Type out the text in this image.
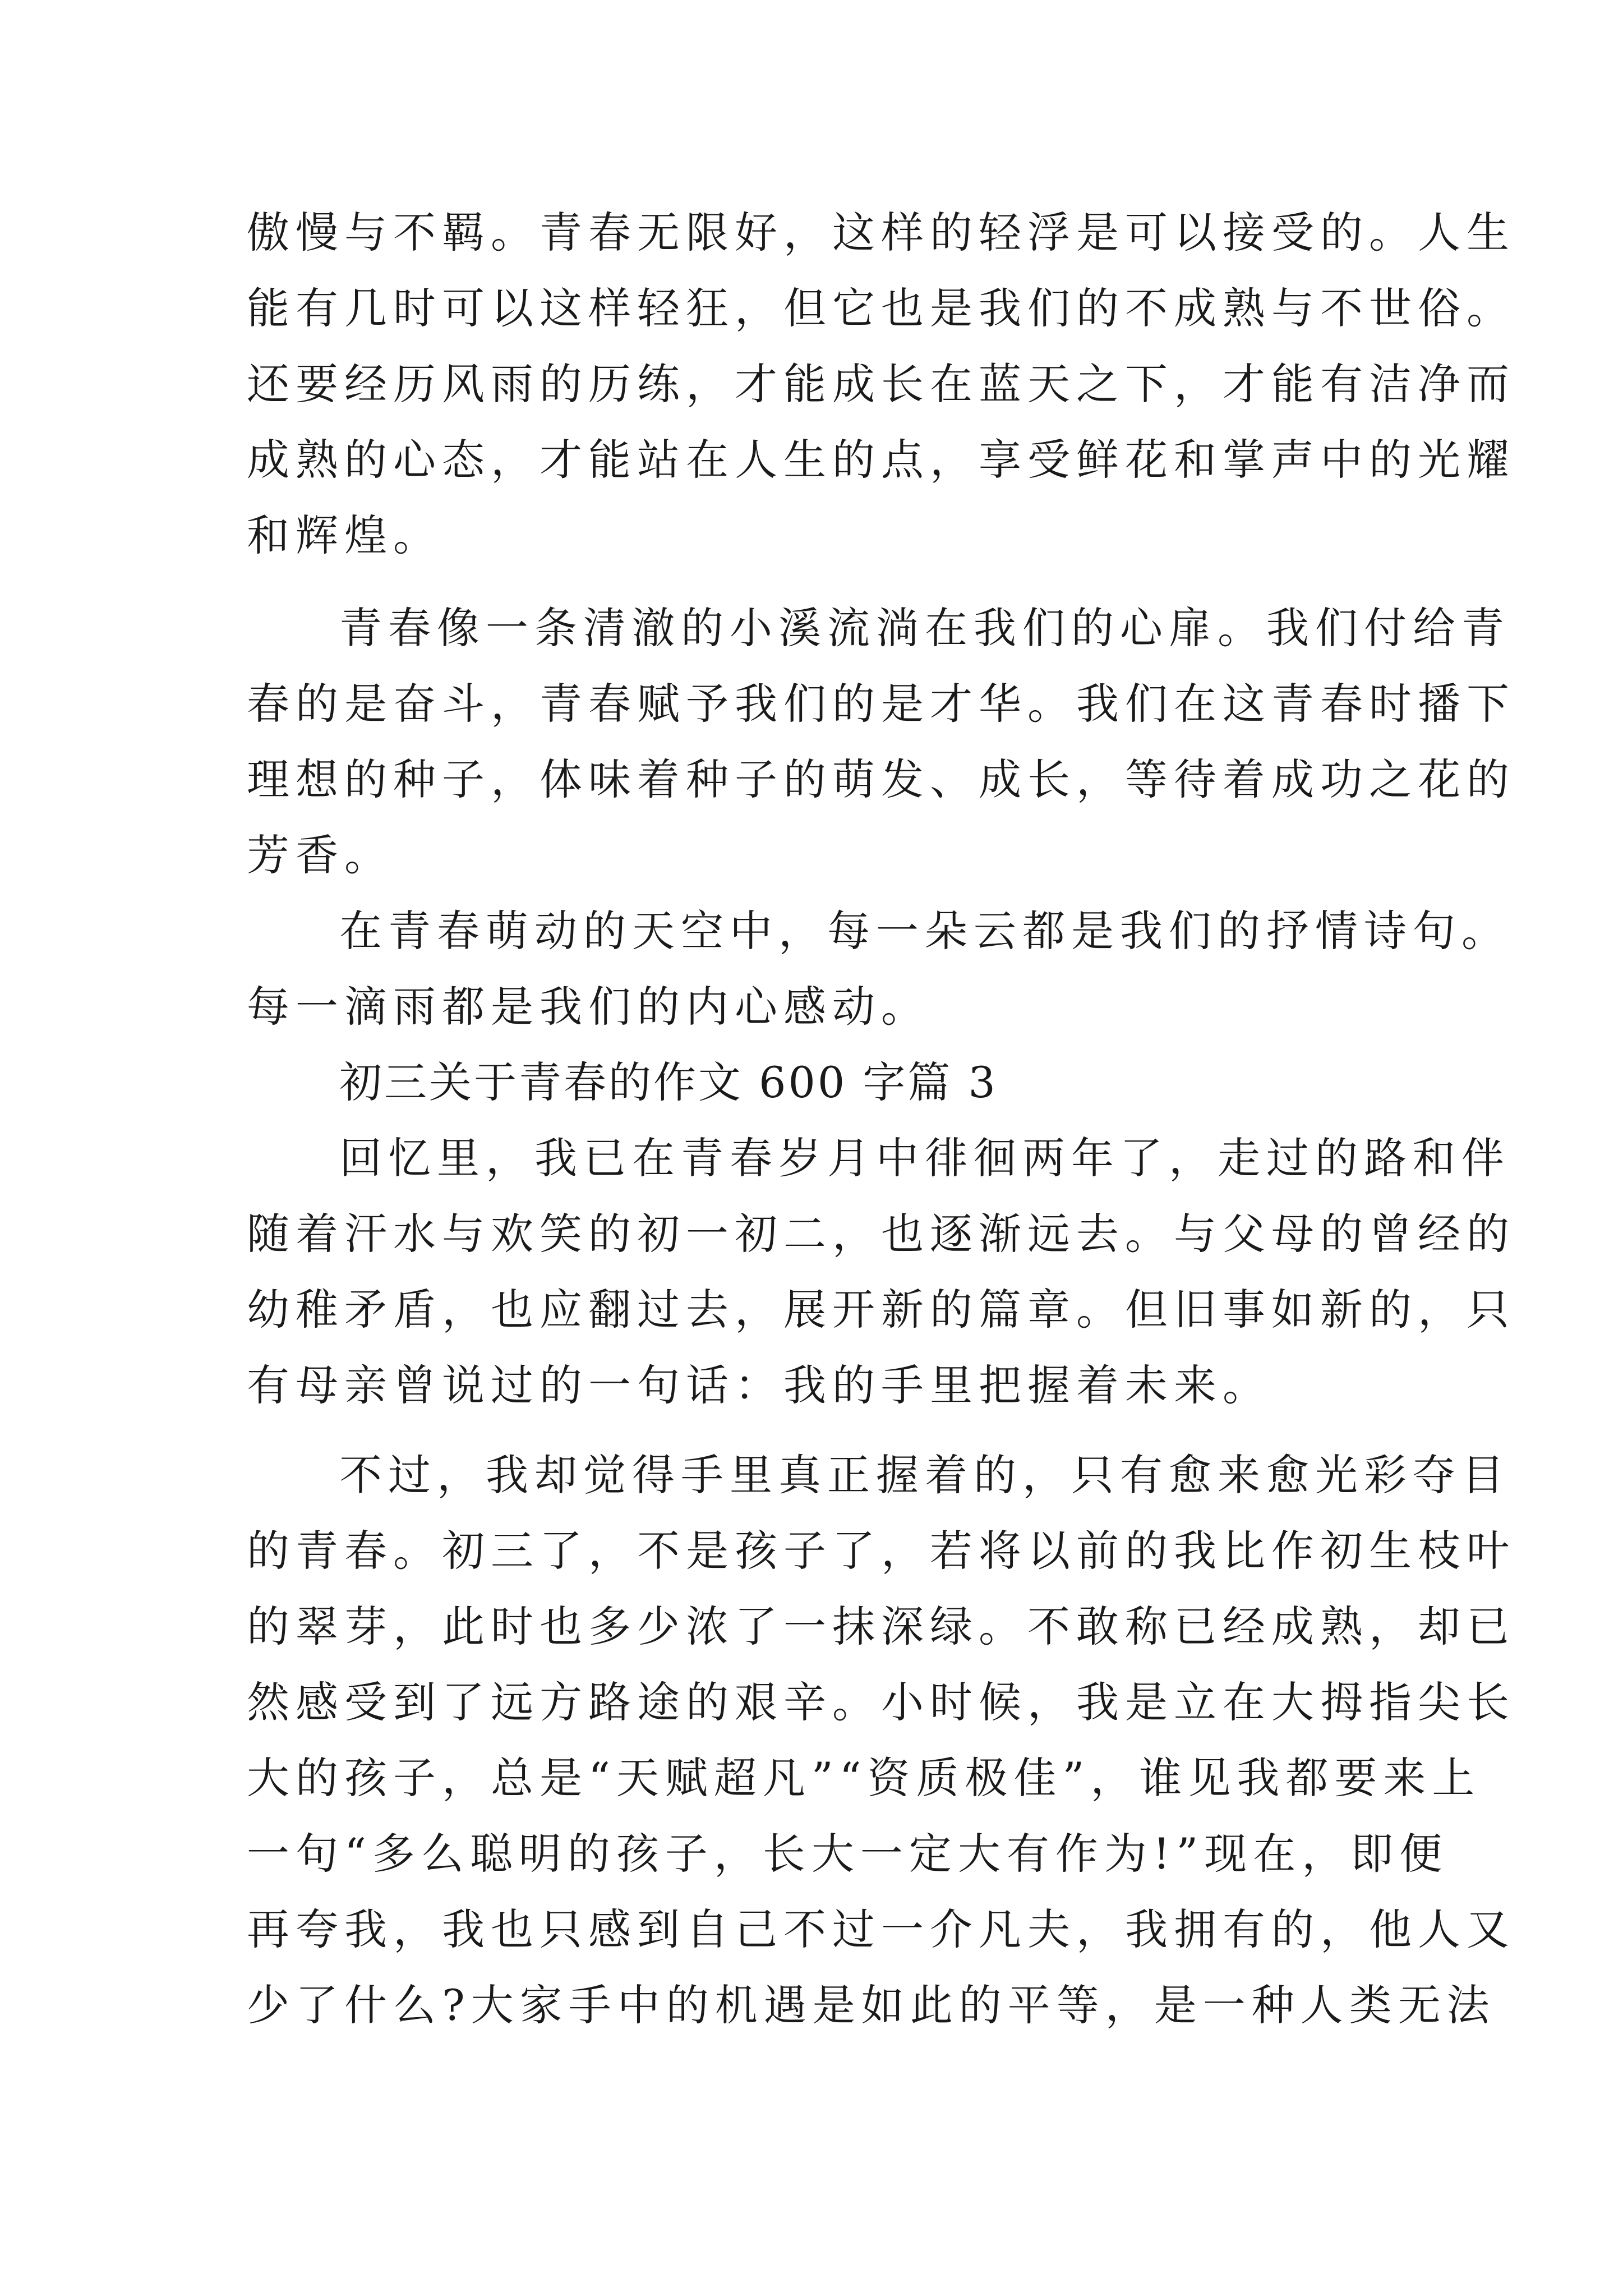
傲慢与不羁。青春无限好，这样的轻浮是可以接受的。人生
能有几时可以这样轻狂，但它也是我们的不成熟与不世俗。
还要经历风雨的历练，才能成长在蓝天之下，才能有洁净而
成熟的心态，才能站在人生的点，享受鲜花和掌声中的光耀
和辉煌。
青春像一条清澈的小溪流淌在我们的心扉。我们付给青
春的是奋斗，青春赋予我们的是才华。我们在这青春时播下
理想的种子，体味着种子的萌发、成长，等待着成功之花的
芳香。
在青春萌动的天空中，每一朵云都是我们的抒情诗句。
每一滴雨都是我们的内心感动。
初三关于青春的作文 600 字篇 3
回忆里，我已在青春岁月中徘徊两年了，走过的路和伴
随着汗水与欢笑的初一初二，也逐渐远去。与父母的曾经的
幼稚矛盾，也应翻过去，展开新的篇章。但旧事如新的，只
有母亲曾说过的一句话：我的手里把握着未来。
不过，我却觉得手里真正握着的，只有愈来愈光彩夺目
的青春。初三了，不是孩子了，若将以前的我比作初生枝叶
的翠芽，此时也多少浓了一抹深绿。不敢称已经成熟，却已
然感受到了远方路途的艰辛。小时候，我是立在大拇指尖长
大的孩子，总是“天赋超凡”“资质极佳”，谁见我都要来上
一句“多么聪明的孩子，长大一定大有作为!”现在，即便
再夸我，我也只感到自己不过一介凡夫，我拥有的，他人又
少了什么?大家手中的机遇是如此的平等，是一种人类无法
